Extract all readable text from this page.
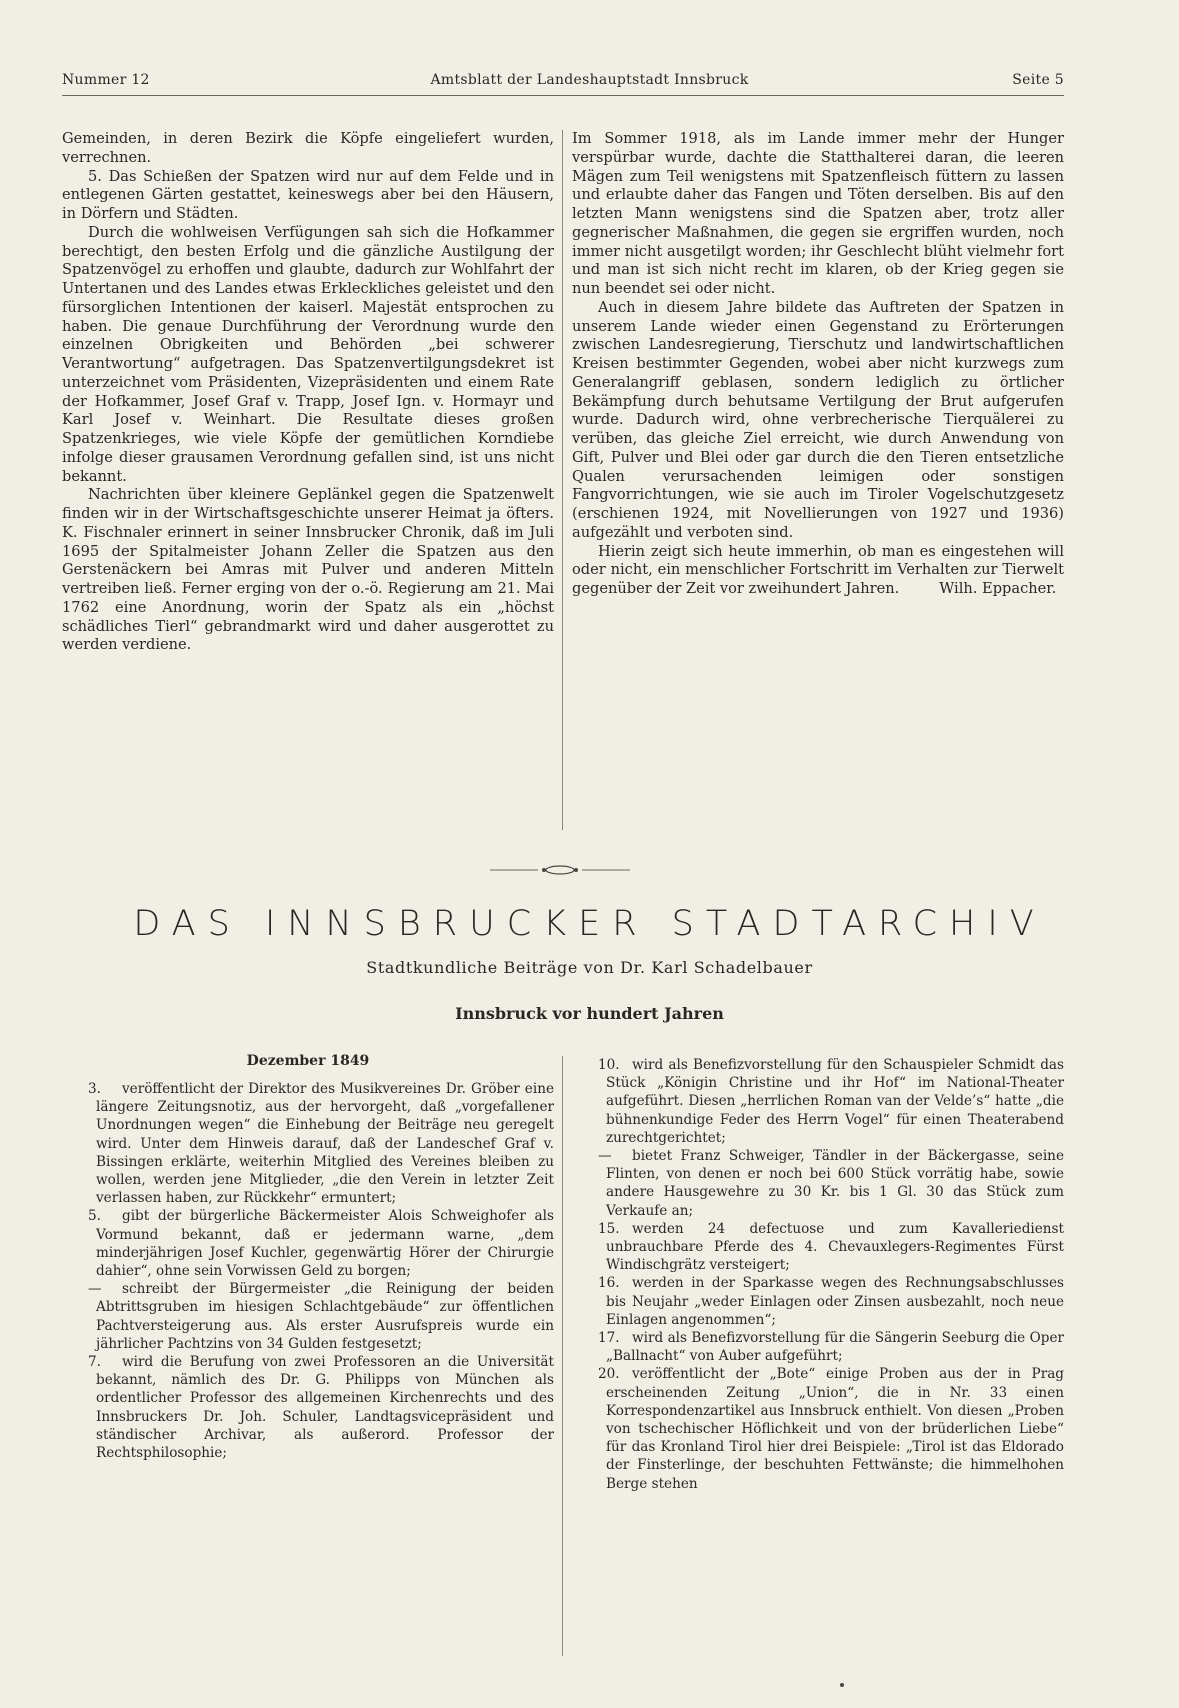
Nummer 12	Amtsblatt der Landeshauptstadt Innsbruck	Seite 5

Gemeinden, in deren Bezirk die Köpfe eingeliefert wurden, verrechnen.

5. Das Schießen der Spatzen wird nur auf dem Felde und in entlegenen Gärten gestattet, keineswegs aber bei den Häusern, in Dörfern und Städten.

Durch die wohlweisen Verfügungen sah sich die Hofkammer berechtigt, den besten Erfolg und die gänzliche Austilgung der Spatzenvögel zu erhoffen und glaubte, dadurch zur Wohlfahrt der Untertanen und des Landes etwas Erkleckliches geleistet und den fürsorglichen Intentionen der kaiserl. Majestät entsprochen zu haben. Die genaue Durchführung der Verordnung wurde den einzelnen Obrigkeiten und Behörden „bei schwerer Verantwortung“ aufgetragen. Das Spatzenvertilgungsdekret ist unterzeichnet vom Präsidenten, Vizepräsidenten und einem Rate der Hofkammer, Josef Graf v. Trapp, Josef Ign. v. Hormayr und Karl Josef v. Weinhart. Die Resultate dieses großen Spatzenkrieges, wie viele Köpfe der gemütlichen Korndiebe infolge dieser grausamen Verordnung gefallen sind, ist uns nicht bekannt.

Nachrichten über kleinere Geplänkel gegen die Spatzenwelt finden wir in der Wirtschaftsgeschichte unserer Heimat ja öfters. K. Fischnaler erinnert in seiner Innsbrucker Chronik, daß im Juli 1695 der Spitalmeister Johann Zeller die Spatzen aus den Gerstenäckern bei Amras mit Pulver und anderen Mitteln vertreiben ließ. Ferner erging von der o.-ö. Regierung am 21. Mai 1762 eine Anordnung, worin der Spatz als ein „höchst schädliches Tierl“ gebrandmarkt wird und daher ausgerottet zu werden verdiene.

Im Sommer 1918, als im Lande immer mehr der Hunger verspürbar wurde, dachte die Statthalterei daran, die leeren Mägen zum Teil wenigstens mit Spatzenfleisch füttern zu lassen und erlaubte daher das Fangen und Töten derselben. Bis auf den letzten Mann wenigstens sind die Spatzen aber, trotz aller gegnerischer Maßnahmen, die gegen sie ergriffen wurden, noch immer nicht ausgetilgt worden; ihr Geschlecht blüht vielmehr fort und man ist sich nicht recht im klaren, ob der Krieg gegen sie nun beendet sei oder nicht.

Auch in diesem Jahre bildete das Auftreten der Spatzen in unserem Lande wieder einen Gegenstand zu Erörterungen zwischen Landesregierung, Tierschutz und landwirtschaftlichen Kreisen bestimmter Gegenden, wobei aber nicht kurzwegs zum Generalangriff geblasen, sondern lediglich zu örtlicher Bekämpfung durch behutsame Vertilgung der Brut aufgerufen wurde. Dadurch wird, ohne verbrecherische Tierquälerei zu verüben, das gleiche Ziel erreicht, wie durch Anwendung von Gift, Pulver und Blei oder gar durch die den Tieren entsetzliche Qualen verursachenden leimigen oder sonstigen Fangvorrichtungen, wie sie auch im Tiroler Vogelschutzgesetz (erschienen 1924, mit Novellierungen von 1927 und 1936) aufgezählt und verboten sind.

Hierin zeigt sich heute immerhin, ob man es eingestehen will oder nicht, ein menschlicher Fortschritt im Verhalten zur Tierwelt gegenüber der Zeit vor zweihundert Jahren.	Wilh. Eppacher.

DAS INNSBRUCKER STADTARCHIV
Stadtkundliche Beiträge von Dr. Karl Schadelbauer
Innsbruck vor hundert Jahren
Dezember 1849

3. veröffentlicht der Direktor des Musikvereines Dr. Gröber eine längere Zeitungsnotiz, aus der hervorgeht, daß „vorgefallener Unordnungen wegen“ die Einhebung der Beiträge neu geregelt wird. Unter dem Hinweis darauf, daß der Landeschef Graf v. Bissingen erklärte, weiterhin Mitglied des Vereines bleiben zu wollen, werden jene Mitglieder, „die den Verein in letzter Zeit verlassen haben, zur Rückkehr“ ermuntert;

5. gibt der bürgerliche Bäckermeister Alois Schweighofer als Vormund bekannt, daß er jedermann warne, „dem minderjährigen Josef Kuchler, gegenwärtig Hörer der Chirurgie dahier“, ohne sein Vorwissen Geld zu borgen;

— schreibt der Bürgermeister „die Reinigung der beiden Abtrittsgruben im hiesigen Schlachtgebäude“ zur öffentlichen Pachtversteigerung aus. Als erster Ausrufspreis wurde ein jährlicher Pachtzins von 34 Gulden festgesetzt;

7. wird die Berufung von zwei Professoren an die Universität bekannt, nämlich des Dr. G. Philipps von München als ordentlicher Professor des allgemeinen Kirchenrechts und des Innsbruckers Dr. Joh. Schuler, Landtagsvicepräsident und ständischer Archivar, als außerord. Professor der Rechtsphilosophie;

10. wird als Benefizvorstellung für den Schauspieler Schmidt das Stück „Königin Christine und ihr Hof“ im National-Theater aufgeführt. Diesen „herrlichen Roman van der Velde’s“ hatte „die bühnenkundige Feder des Herrn Vogel“ für einen Theaterabend zurechtgerichtet;

— bietet Franz Schweiger, Tändler in der Bäckergasse, seine Flinten, von denen er noch bei 600 Stück vorrätig habe, sowie andere Hausgewehre zu 30 Kr. bis 1 Gl. 30 das Stück zum Verkaufe an;

15. werden 24 defectuose und zum Kavalleriedienst unbrauchbare Pferde des 4. Chevauxlegers-Regimentes Fürst Windischgrätz versteigert;

16. werden in der Sparkasse wegen des Rechnungsabschlusses bis Neujahr „weder Einlagen oder Zinsen ausbezahlt, noch neue Einlagen angenommen“;

17. wird als Benefizvorstellung für die Sängerin Seeburg die Oper „Ballnacht“ von Auber aufgeführt;

20. veröffentlicht der „Bote“ einige Proben aus der in Prag erscheinenden Zeitung „Union“, die in Nr. 33 einen Korrespondenzartikel aus Innsbruck enthielt. Von diesen „Proben von tschechischer Höflichkeit und von der brüderlichen Liebe“ für das Kronland Tirol hier drei Beispiele: „Tirol ist das Eldorado der Finsterlinge, der beschuhten Fettwänste; die himmelhohen Berge stehen
